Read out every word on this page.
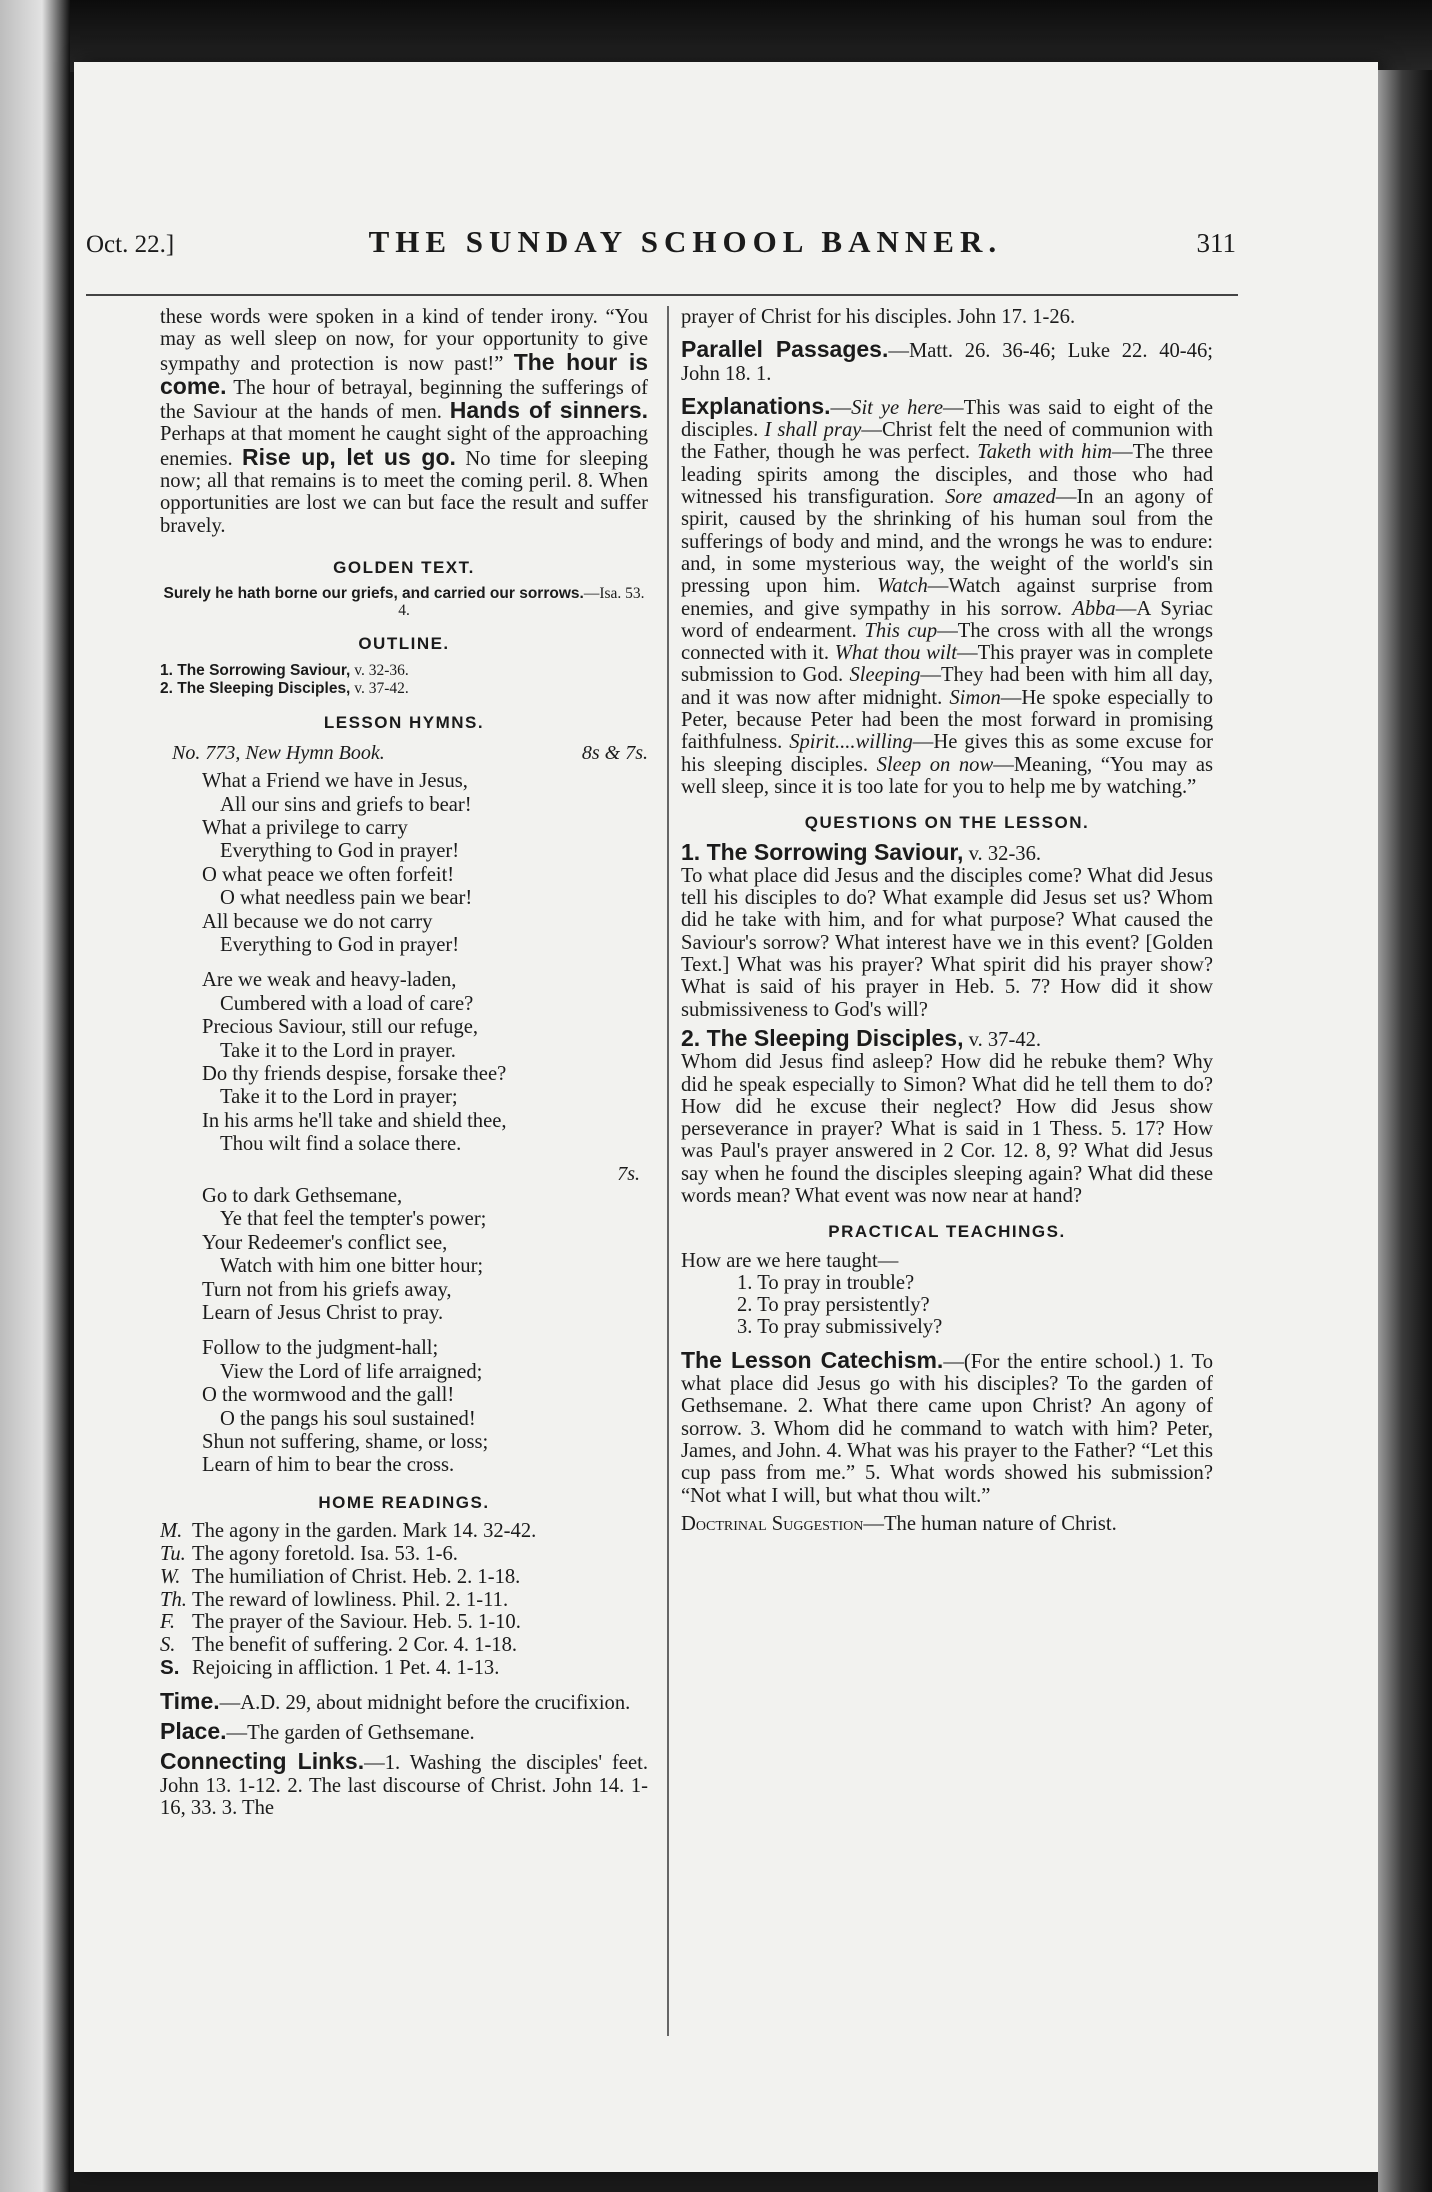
Oct. 22.]	THE SUNDAY SCHOOL BANNER.	311

these words were spoken in a kind of tender irony. “You may as well sleep on now, for your opportunity to give sympathy and protection is now past!” The hour is come. The hour of betrayal, beginning the sufferings of the Saviour at the hands of men. Hands of sinners. Perhaps at that moment he caught sight of the approaching enemies. Rise up, let us go. No time for sleeping now; all that remains is to meet the coming peril. 8. When opportunities are lost we can but face the result and suffer bravely.

GOLDEN TEXT.
Surely he hath borne our griefs, and carried our sorrows.—Isa. 53. 4.
OUTLINE.
1. The Sorrowing Saviour, v. 32-36.
2. The Sleeping Disciples, v. 37-42.
LESSON HYMNS.
No. 773, New Hymn Book.	8s & 7s.
What a Friend we have in Jesus,
All our sins and griefs to bear!
What a privilege to carry
Everything to God in prayer!
O what peace we often forfeit!
O what needless pain we bear!
All because we do not carry
Everything to God in prayer!
Are we weak and heavy-laden,
Cumbered with a load of care?
Precious Saviour, still our refuge,
Take it to the Lord in prayer.
Do thy friends despise, forsake thee?
Take it to the Lord in prayer;
In his arms he'll take and shield thee,
Thou wilt find a solace there.
7s.
Go to dark Gethsemane,
Ye that feel the tempter's power;
Your Redeemer's conflict see,
Watch with him one bitter hour;
Turn not from his griefs away,
Learn of Jesus Christ to pray.
Follow to the judgment-hall;
View the Lord of life arraigned;
O the wormwood and the gall!
O the pangs his soul sustained!
Shun not suffering, shame, or loss;
Learn of him to bear the cross.
HOME READINGS.
M. The agony in the garden. Mark 14. 32-42.
Tu. The agony foretold. Isa. 53. 1-6.
W. The humiliation of Christ. Heb. 2. 1-18.
Th. The reward of lowliness. Phil. 2. 1-11.
F. The prayer of the Saviour. Heb. 5. 1-10.
S. The benefit of suffering. 2 Cor. 4. 1-18.
S. Rejoicing in affliction. 1 Pet. 4. 1-13.

Time.—A.D. 29, about midnight before the crucifixion.

Place.—The garden of Gethsemane.

Connecting Links.—1. Washing the disciples' feet. John 13. 1-12. 2. The last discourse of Christ. John 14. 1-16, 33. 3. The

prayer of Christ for his disciples. John 17. 1-26.

Parallel Passages.—Matt. 26. 36-46; Luke 22. 40-46; John 18. 1.

Explanations.—Sit ye here—This was said to eight of the disciples. I shall pray—Christ felt the need of communion with the Father, though he was perfect. Taketh with him—The three leading spirits among the disciples, and those who had witnessed his transfiguration. Sore amazed—In an agony of spirit, caused by the shrinking of his human soul from the sufferings of body and mind, and the wrongs he was to endure: and, in some mysterious way, the weight of the world's sin pressing upon him. Watch—Watch against surprise from enemies, and give sympathy in his sorrow. Abba—A Syriac word of endearment. This cup—The cross with all the wrongs connected with it. What thou wilt—This prayer was in complete submission to God. Sleeping—They had been with him all day, and it was now after midnight. Simon—He spoke especially to Peter, because Peter had been the most forward in promising faithfulness. Spirit....willing—He gives this as some excuse for his sleeping disciples. Sleep on now—Meaning, “You may as well sleep, since it is too late for you to help me by watching.”

QUESTIONS ON THE LESSON.

1. The Sorrowing Saviour, v. 32-36.

To what place did Jesus and the disciples come? What did Jesus tell his disciples to do? What example did Jesus set us? Whom did he take with him, and for what purpose? What caused the Saviour's sorrow? What interest have we in this event? [Golden Text.] What was his prayer? What spirit did his prayer show? What is said of his prayer in Heb. 5. 7? How did it show submissiveness to God's will?

2. The Sleeping Disciples, v. 37-42.

Whom did Jesus find asleep? How did he rebuke them? Why did he speak especially to Simon? What did he tell them to do? How did he excuse their neglect? How did Jesus show perseverance in prayer? What is said in 1 Thess. 5. 17? How was Paul's prayer answered in 2 Cor. 12. 8, 9? What did Jesus say when he found the disciples sleeping again? What did these words mean? What event was now near at hand?

PRACTICAL TEACHINGS.

How are we here taught—

1. To pray in trouble?
2. To pray persistently?
3. To pray submissively?

The Lesson Catechism.—(For the entire school.) 1. To what place did Jesus go with his disciples? To the garden of Gethsemane. 2. What there came upon Christ? An agony of sorrow. 3. Whom did he command to watch with him? Peter, James, and John. 4. What was his prayer to the Father? “Let this cup pass from me.” 5. What words showed his submission? “Not what I will, but what thou wilt.”

Doctrinal Suggestion—The human nature of Christ.
